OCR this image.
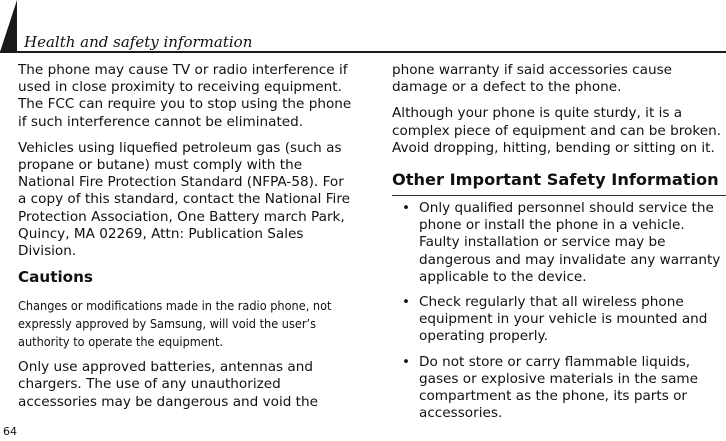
Health and safety information

The phone may cause TV or radio interference if used in close proximity to receiving equipment. The FCC can require you to stop using the phone if such interference cannot be eliminated.

Vehicles using liquefied petroleum gas (such as propane or butane) must comply with the National Fire Protection Standard (NFPA-58). For a copy of this standard, contact the National Fire Protection Association, One Battery march Park, Quincy, MA 02269, Attn: Publication Sales Division.

Cautions

Changes or modifications made in the radio phone, not expressly approved by Samsung, will void the user’s authority to operate the equipment.

Only use approved batteries, antennas and chargers. The use of any unauthorized accessories may be dangerous and void the

phone warranty if said accessories cause damage or a defect to the phone.

Although your phone is quite sturdy, it is a complex piece of equipment and can be broken. Avoid dropping, hitting, bending or sitting on it.

Other Important Safety Information
• Only qualified personnel should service the phone or install the phone in a vehicle. Faulty installation or service may be dangerous and may invalidate any warranty applicable to the device.
• Check regularly that all wireless phone equipment in your vehicle is mounted and operating properly.
• Do not store or carry flammable liquids, gases or explosive materials in the same compartment as the phone, its parts or accessories.
64
